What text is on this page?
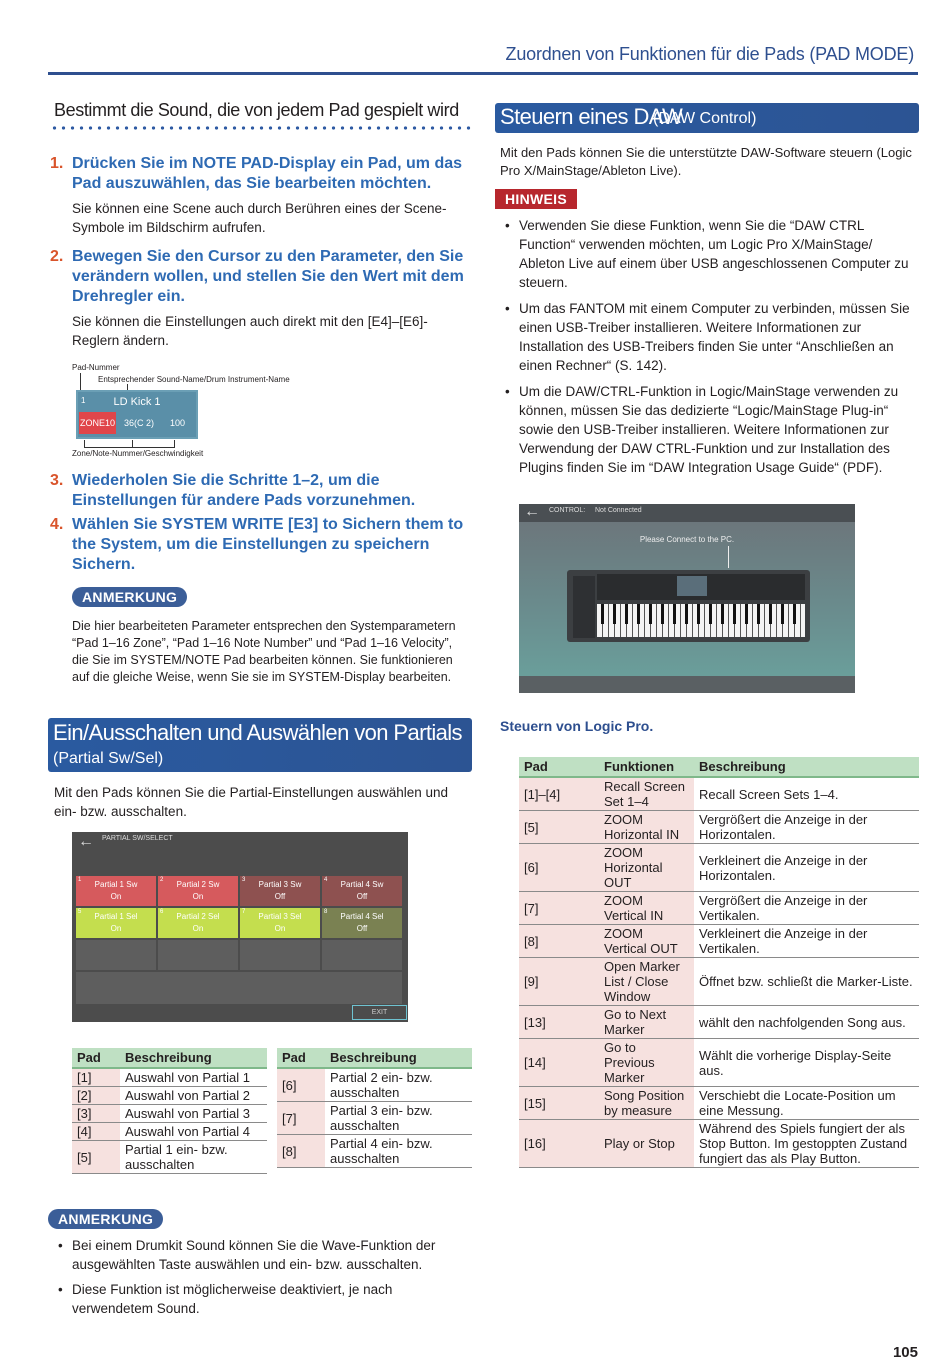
Zuordnen von Funktionen für die Pads (PAD MODE)
Bestimmt die Sound, die von jedem Pad gespielt wird
1. Drücken Sie im NOTE PAD-Display ein Pad, um das Pad auszuwählen, das Sie bearbeiten möchten.
Sie können eine Scene auch durch Berühren eines der Scene-Symbole im Bildschirm aufrufen.
2. Bewegen Sie den Cursor zu den Parameter, den Sie verändern wollen, und stellen Sie den Wert mit dem Drehregler ein.
Sie können die Einstellungen auch direkt mit den [E4]–[E6]-Reglern ändern.
Pad-Nummer
Entsprechender Sound-Name/Drum Instrument-Name
1	LD Kick 1
ZONE10 36(C 2)	100
Zone/Note-Nummer/Geschwindigkeit
3. Wiederholen Sie die Schritte 1–2, um die Einstellungen für andere Pads vorzunehmen.
4. Wählen Sie SYSTEM WRITE [E3] to Sichern them to the System, um die Einstellungen zu speichern Sichern.
ANMERKUNG
Die hier bearbeiteten Parameter entsprechen den Systemparametern “Pad 1–16 Zone”, “Pad 1–16 Note Number” und “Pad 1–16 Velocity”, die Sie im SYSTEM/NOTE Pad bearbeiten können. Sie funktionieren auf die gleiche Weise, wenn Sie sie im SYSTEM-Display bearbeiten.
Ein/Ausschalten und Auswählen von Partials
(Partial Sw/Sel)
Mit den Pads können Sie die Partial-Einstellungen auswählen und ein- bzw. ausschalten.
← PARTIAL SW/SELECT
1	Partial 1 Sw
On
2	Partial 2 Sw
On
3	Partial 3 Sw
Off
4	Partial 4 Sw
Off
5	Partial 1 Sel
On
6	Partial 2 Sel
On
7	Partial 3 Sel
On
8	Partial 4 Sel
Off
EXIT
Pad	Beschreibung
[1]	Auswahl von Partial 1
[2]	Auswahl von Partial 2
[3]	Auswahl von Partial 3
[4]	Auswahl von Partial 4
[5]	Partial 1 ein- bzw. ausschalten
Pad	Beschreibung
[6]	Partial 2 ein- bzw. ausschalten
[7]	Partial 3 ein- bzw. ausschalten
[8]	Partial 4 ein- bzw. ausschalten
ANMERKUNG
• Bei einem Drumkit Sound können Sie die Wave-Funktion der ausgewählten Taste auswählen und ein- bzw. ausschalten.
• Diese Funktion ist möglicherweise deaktiviert, je nach verwendetem Sound.
Steuern eines DAW
(DAW Control)
Mit den Pads können Sie die unterstützte DAW-Software steuern (Logic Pro X/MainStage/Ableton Live).
HINWEIS
• Verwenden Sie diese Funktion, wenn Sie die “DAW CTRL Function“ verwenden möchten, um Logic Pro X/MainStage/ Ableton Live auf einem über USB angeschlossenen Computer zu steuern.
• Um das FANTOM mit einem Computer zu verbinden, müssen Sie einen USB-Treiber installieren. Weitere Informationen zur Installation des USB-Treibers finden Sie unter “Anschließen an einen Rechner“ (S. 142).
• Um die DAW/CTRL-Funktion in Logic/MainStage verwenden zu können, müssen Sie das dedizierte “Logic/MainStage Plug-in“ sowie den USB-Treiber installieren. Weitere Informationen zur Verwendung der DAW CTRL-Funktion und zur Installation des Plugins finden Sie im “DAW Integration Usage Guide“ (PDF).
← CONTROL: Not Connected
Please Connect to the PC.
Steuern von Logic Pro.
Pad	Funktionen	Beschreibung
[1]–[4]	Recall Screen Set 1–4	Recall Screen Sets 1–4.
[5]	ZOOM Horizontal IN	Vergrößert die Anzeige in der Horizontalen.
[6]	ZOOM Horizontal OUT	Verkleinert die Anzeige in der Horizontalen.
[7]	ZOOM Vertical IN	Vergrößert die Anzeige in der Vertikalen.
[8]	ZOOM Vertical OUT	Verkleinert die Anzeige in der Vertikalen.
[9]	Open Marker List / Close Window	Öffnet bzw. schließt die Marker-Liste.
[13]	Go to Next Marker	wählt den nachfolgenden Song aus.
[14]	Go to Previous Marker	Wählt die vorherige Display-Seite aus.
[15]	Song Position by measure	Verschiebt die Locate-Position um eine Messung.
[16]	Play or Stop	Während des Spiels fungiert der als Stop Button. Im gestoppten Zustand fungiert das als Play Button.
105
